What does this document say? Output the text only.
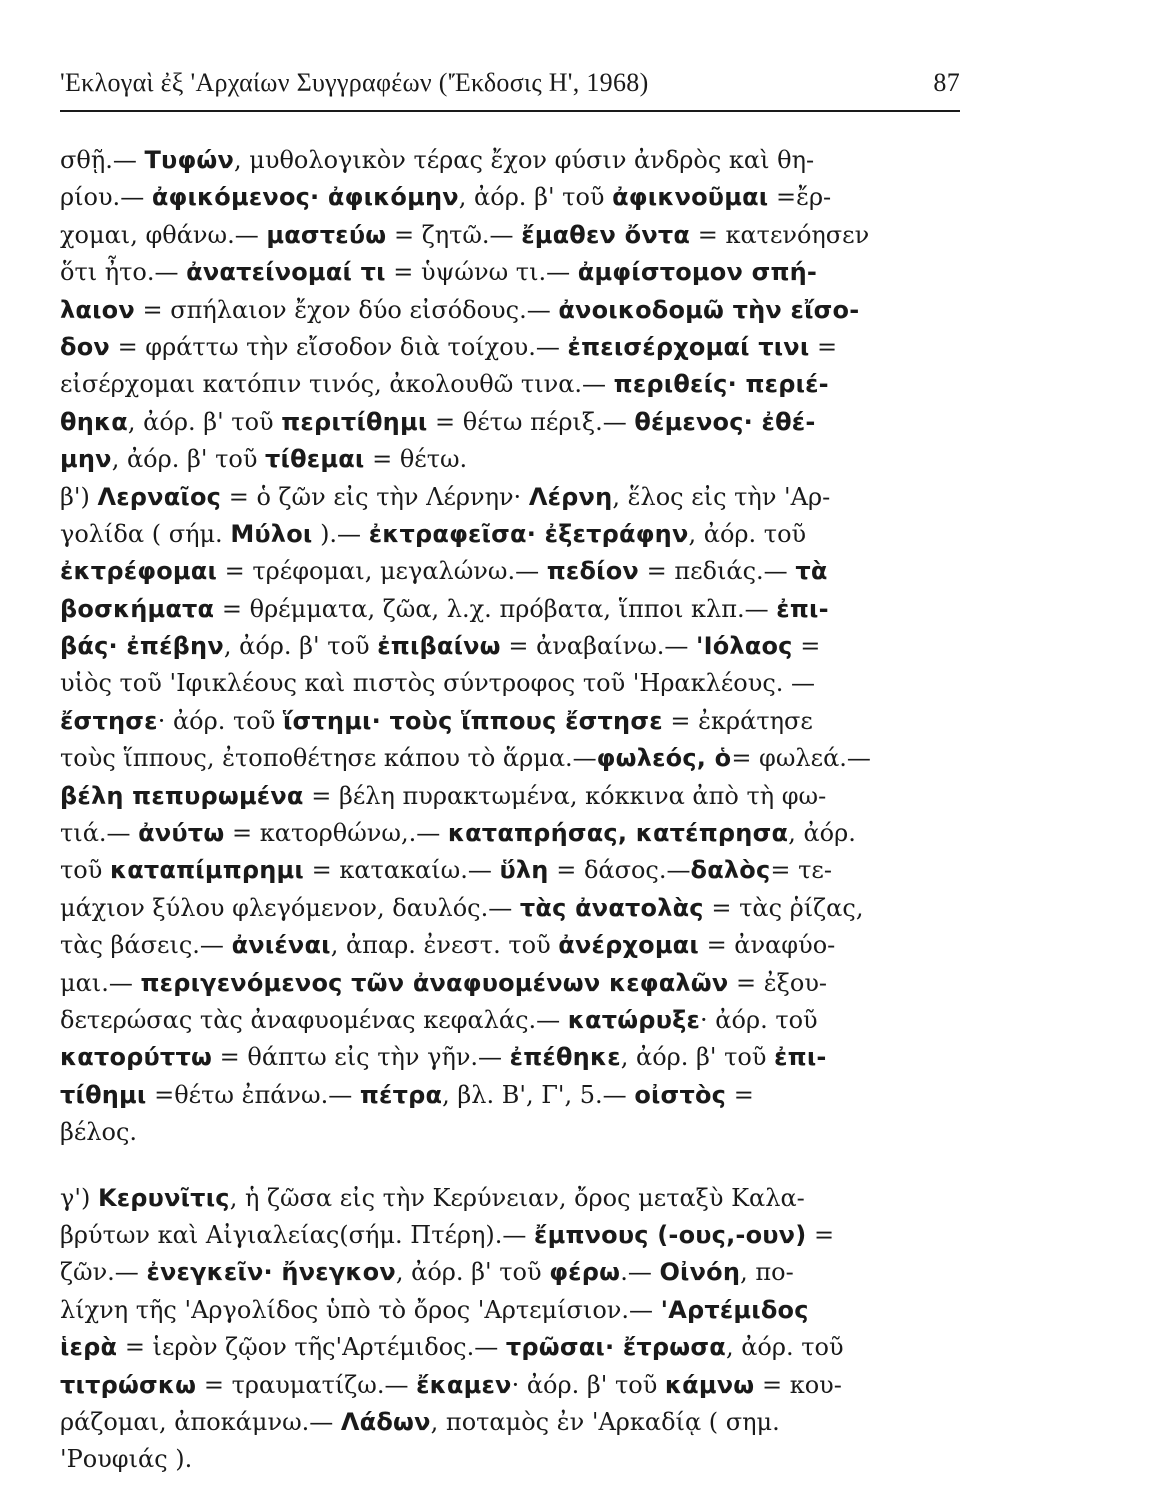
'Εκλογαὶ ἐξ 'Αρχαίων Συγγραφέων ('Έκδοσις Η', 1968)	87
σθῇ.— Τυφών, μυθολογικὸν τέρας ἔχον φύσιν ἀνδρὸς καὶ θη-
ρίου.— ἀφικόμενος· ἀφικόμην, ἀόρ. β' τοῦ ἀφικνοῦμαι =ἔρ-
χομαι, φθάνω.— μαστεύω = ζητῶ.— ἔμαθεν ὄντα = κατενόησεν
ὅτι ἦτο.— ἀνατείνομαί τι = ὑψώνω τι.— ἀμφίστομον σπή-
λαιον = σπήλαιον ἔχον δύο εἰσόδους.— ἀνοικοδομῶ τὴν εἴσο-
δον = φράττω τὴν εἴσοδον διὰ τοίχου.— ἐπεισέρχομαί τινι =
εἰσέρχομαι κατόπιν τινός, ἀκολουθῶ τινα.— περιθείς· περιέ-
θηκα, ἀόρ. β' τοῦ περιτίθημι = θέτω πέριξ.— θέμενος· ἐθέ-
μην, ἀόρ. β' τοῦ τίθεμαι = θέτω.
β') Λερναῖος = ὁ ζῶν εἰς τὴν Λέρνην· Λέρνη, ἕλος εἰς τὴν 'Αρ-
γολίδα ( σήμ. Μύλοι ).— ἐκτραφεῖσα· ἐξετράφην, ἀόρ. τοῦ
ἐκτρέφομαι = τρέφομαι, μεγαλώνω.— πεδίον = πεδιάς.— τὰ
βοσκήματα = θρέμματα, ζῶα, λ.χ. πρόβατα, ἵπποι κλπ.— ἐπι-
βάς· ἐπέβην, ἀόρ. β' τοῦ ἐπιβαίνω = ἀναβαίνω.— 'Ιόλαος =
υἱὸς τοῦ 'Ιφικλέους καὶ πιστὸς σύντροφος τοῦ 'Ηρακλέους. —
ἔστησε· ἀόρ. τοῦ ἵστημι· τοὺς ἵππους ἔστησε = ἐκράτησε
τοὺς ἵππους, ἐτοποθέτησε κάπου τὸ ἅρμα.—φωλεός, ὁ= φωλεά.—
βέλη πεπυρωμένα = βέλη πυρακτωμένα, κόκκινα ἀπὸ τὴ φω-
τιά.— ἀνύτω = κατορθώνω,.— καταπρήσας, κατέπρησα, ἀόρ.
τοῦ καταπίμπρημι = κατακαίω.— ὕλη = δάσος.—δαλὸς= τε-
μάχιον ξύλου φλεγόμενον, δαυλός.— τὰς ἀνατολὰς = τὰς ῥίζας,
τὰς βάσεις.— ἀνιέναι, ἀπαρ. ἐνεστ. τοῦ ἀνέρχομαι = ἀναφύο-
μαι.— περιγενόμενος τῶν ἀναφυομένων κεφαλῶν = ἐξου-
δετερώσας τὰς ἀναφυομένας κεφαλάς.— κατώρυξε· ἀόρ. τοῦ
κατορύττω = θάπτω εἰς τὴν γῆν.— ἐπέθηκε, ἀόρ. β' τοῦ ἐπι-
τίθημι =θέτω ἐπάνω.— πέτρα, βλ. Β', Γ', 5.— οἰστὸς =
βέλος.
γ') Κερυνῖτις, ἡ ζῶσα εἰς τὴν Κερύνειαν, ὄρος μεταξὺ Καλα-
βρύτων καὶ Αἰγιαλείας(σήμ. Πτέρη).— ἔμπνους (-ους,-ουν) =
ζῶν.— ἐνεγκεῖν· ἤνεγκον, ἀόρ. β' τοῦ φέρω.— Οἰνόη, πο-
λίχνη τῆς 'Αργολίδος ὑπὸ τὸ ὄρος 'Αρτεμίσιον.— 'Αρτέμιδος
ἱερὰ = ἱερὸν ζῷον τῆς'Αρτέμιδος.— τρῶσαι· ἔτρωσα, ἀόρ. τοῦ
τιτρώσκω = τραυματίζω.— ἔκαμεν· ἀόρ. β' τοῦ κάμνω = κου-
ράζομαι, ἀποκάμνω.— Λάδων, ποταμὸς ἐν 'Αρκαδίᾳ ( σημ.
'Ρουφιάς ).
